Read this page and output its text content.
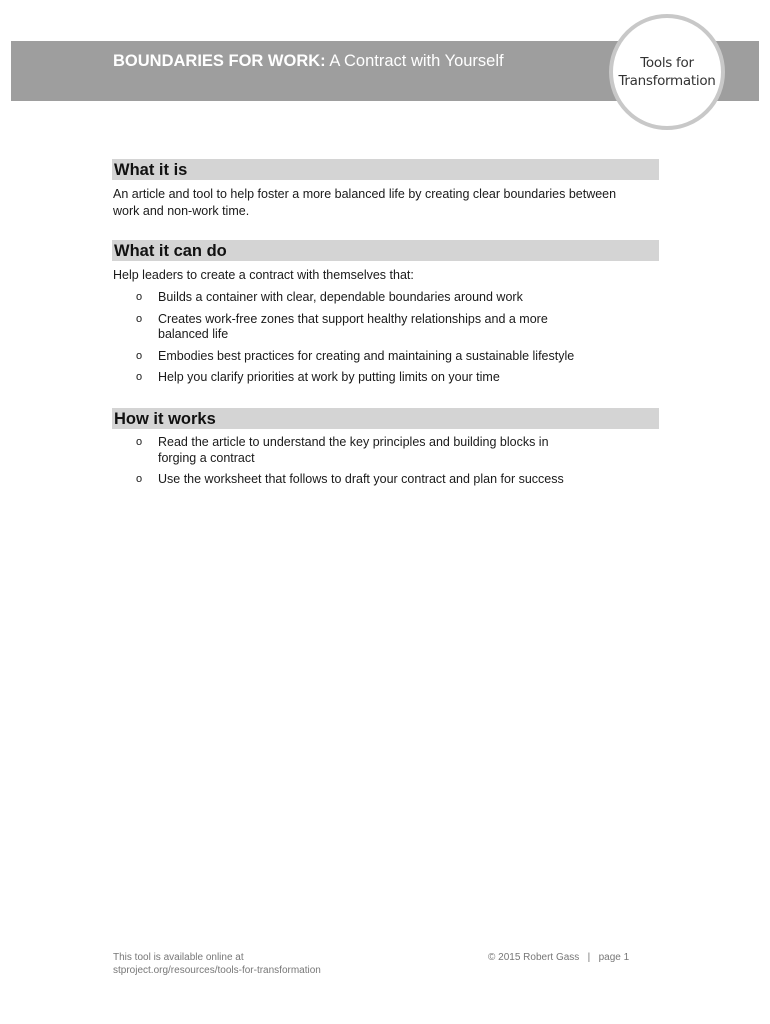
BOUNDARIES FOR WORK: A Contract with Yourself	Tools for
Transformation
What it is
An article and tool to help foster a more balanced life by creating clear boundaries between work and non-work time.
What it can do
Help leaders to create a contract with themselves that:
o Builds a container with clear, dependable boundaries around work
o Creates work-free zones that support healthy relationships and a more balanced life
o Embodies best practices for creating and maintaining a sustainable lifestyle
o Help you clarify priorities at work by putting limits on your time
How it works
o Read the article to understand the key principles and building blocks in forging a contract
o Use the worksheet that follows to draft your contract and plan for success
This tool is available online at
stproject.org/resources/tools-for-transformation
© 2015 Robert Gass   |   page 1
